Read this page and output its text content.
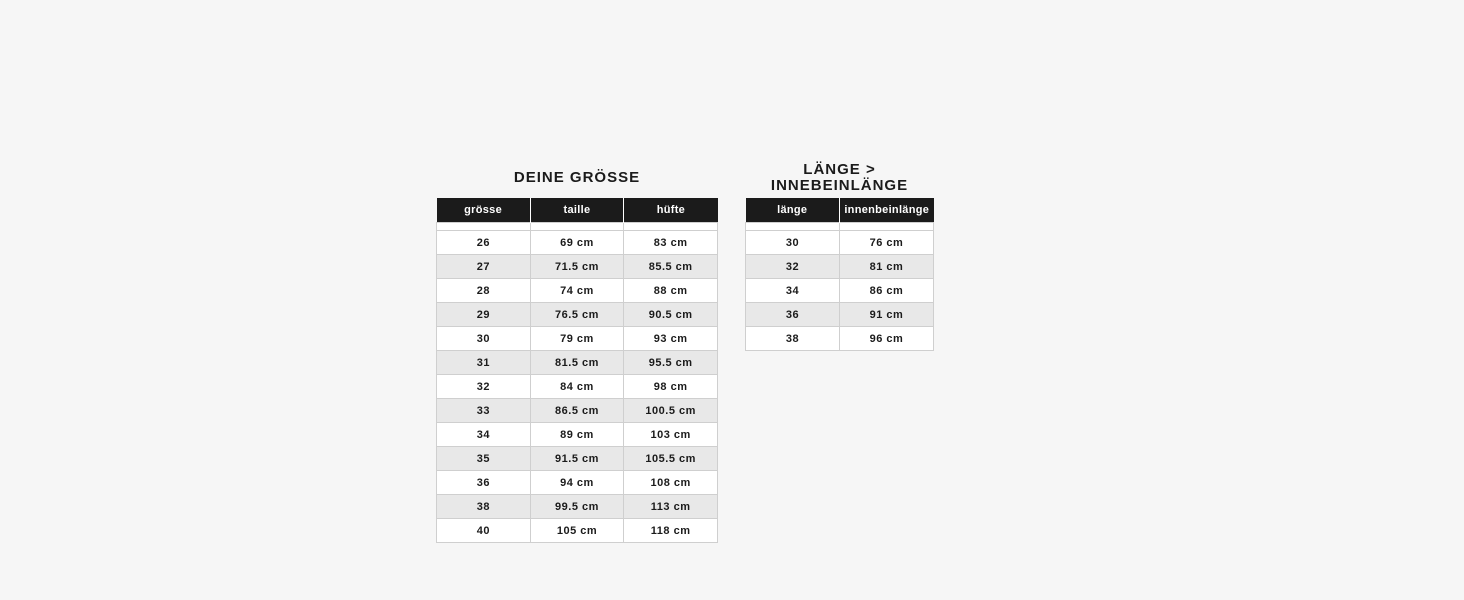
DEINE GRÖSSE
grösse	taille	hüfte

26	69 cm	83 cm
27	71.5 cm	85.5 cm
28	74 cm	88 cm
29	76.5 cm	90.5 cm
30	79 cm	93 cm
31	81.5 cm	95.5 cm
32	84 cm	98 cm
33	86.5 cm	100.5 cm
34	89 cm	103 cm
35	91.5 cm	105.5 cm
36	94 cm	108 cm
38	99.5 cm	113 cm
40	105 cm	118 cm
LÄNGE >
INNEBEINLÄNGE
länge	innenbeinlänge

30	76 cm
32	81 cm
34	86 cm
36	91 cm
38	96 cm
